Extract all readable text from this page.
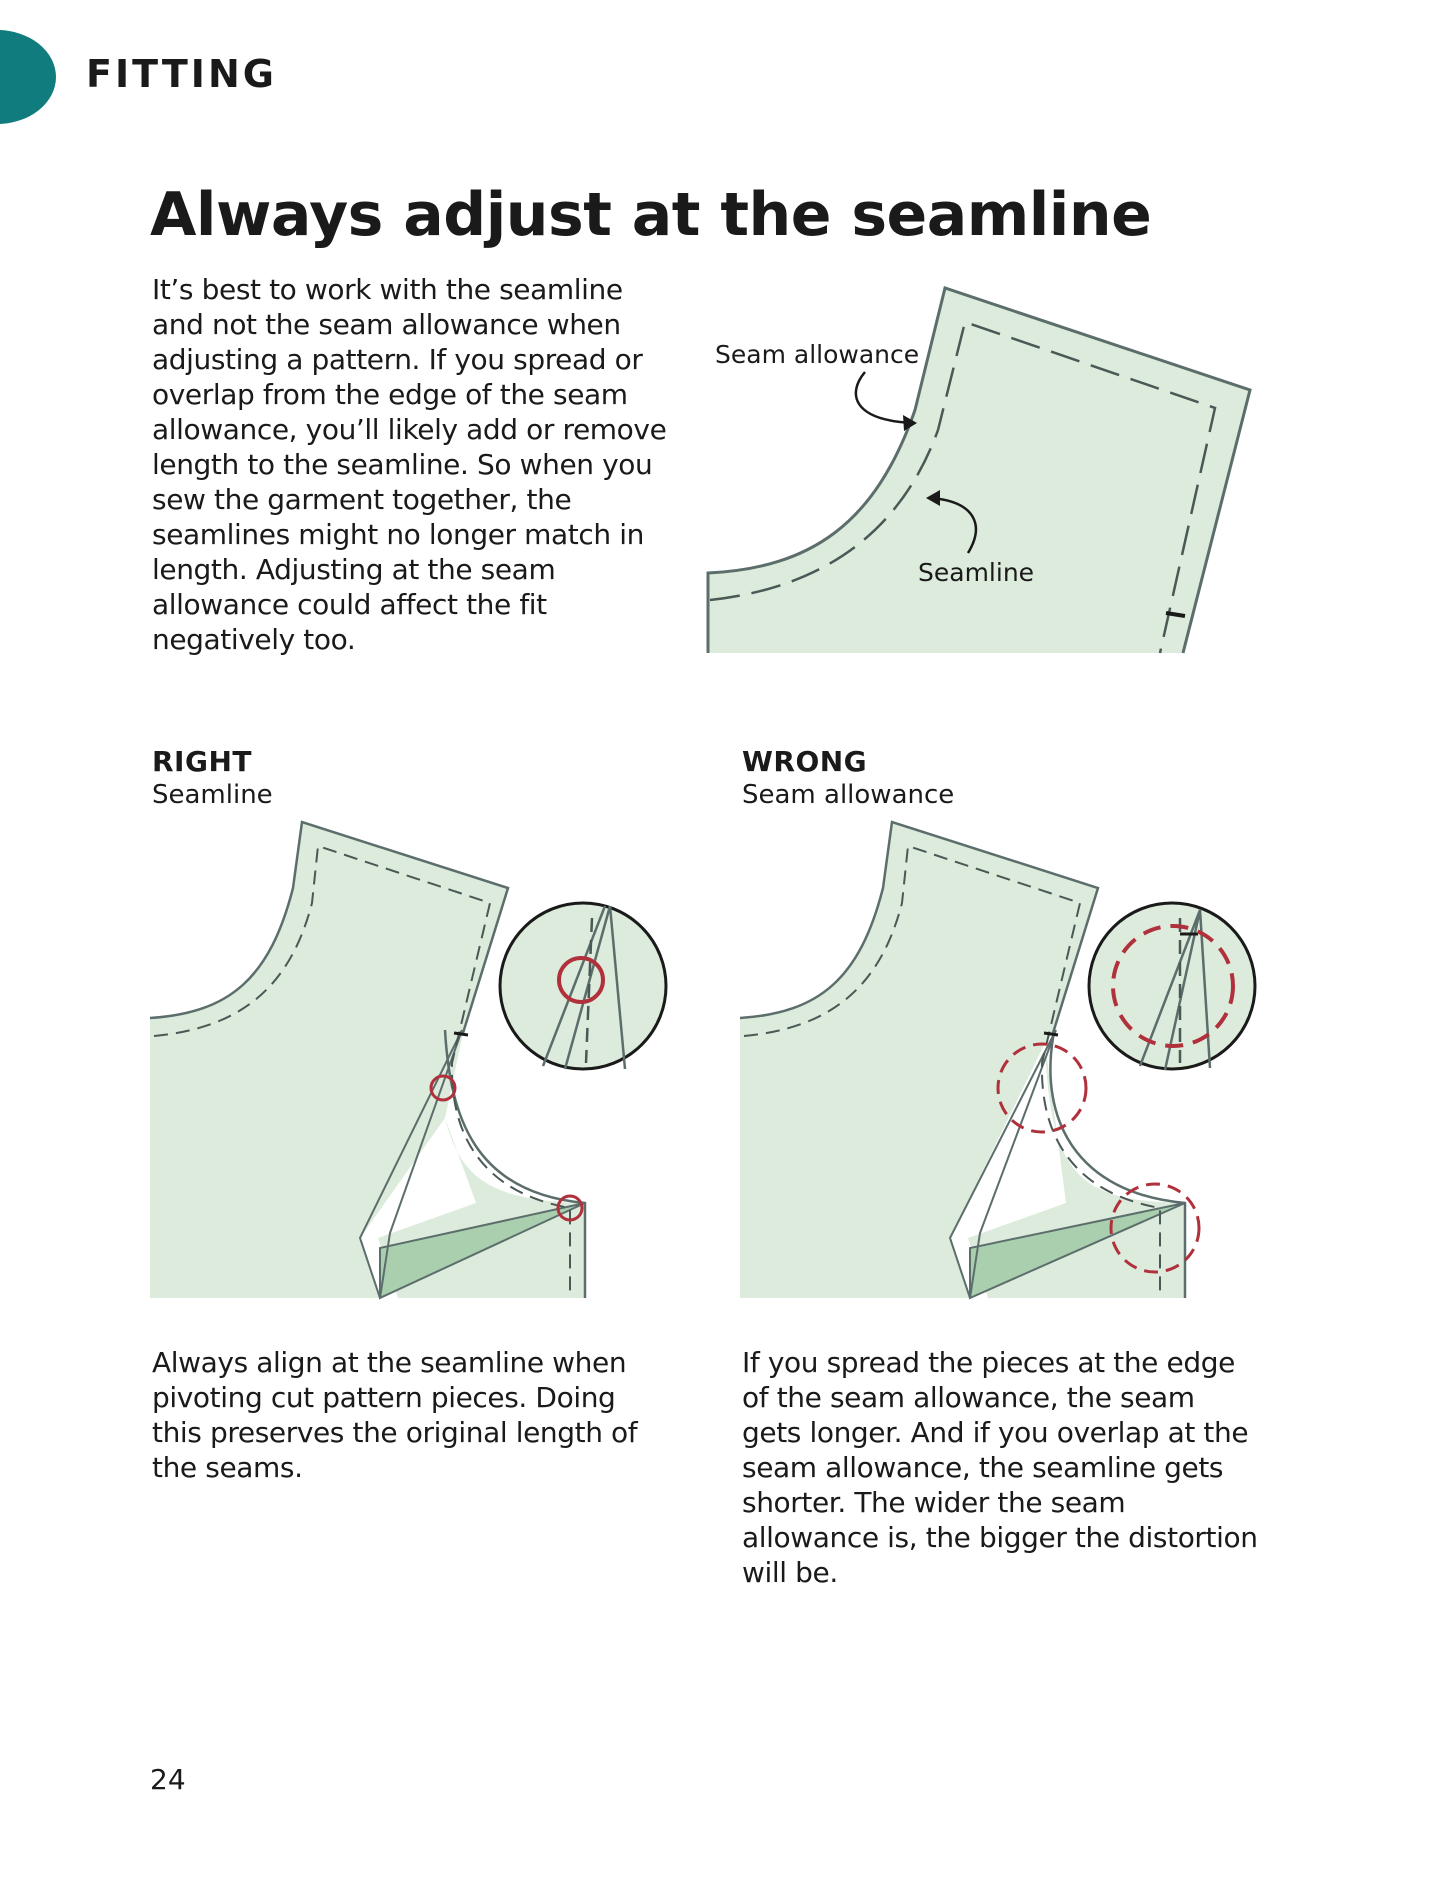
FITTING
Always adjust at the seamline

It’s best to work with the seamline and not the seam allowance when adjusting a pattern. If you spread or overlap from the edge of the seam allowance, you’ll likely add or remove length to the seamline. So when you sew the garment together, the seamlines might no longer match in length. Adjusting at the seam allowance could affect the fit negatively too.

Seam allowance
Seamline
RIGHT
Seamline

Always align at the seamline when pivoting cut pattern pieces. Doing this preserves the original length of the seams.

WRONG
Seam allowance

If you spread the pieces at the edge of the seam allowance, the seam gets longer. And if you overlap at the seam allowance, the seamline gets shorter. The wider the seam allowance is, the bigger the distortion will be.

24
